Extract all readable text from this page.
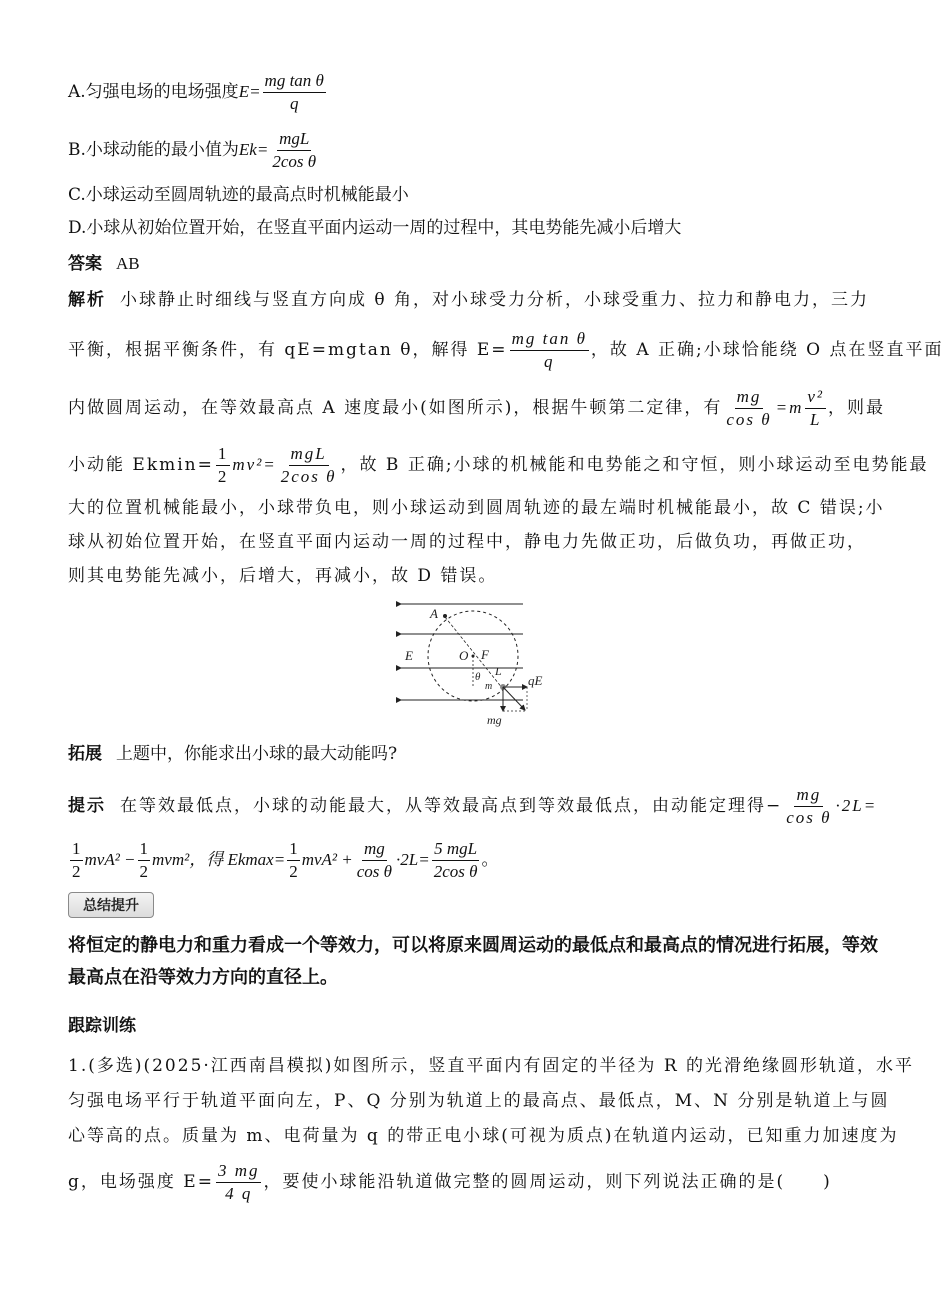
A.匀强电场的电场强度$E= \frac{\text{mg tan θ}}{q}$
B.小球动能的最小值为$Ek= \frac{\text{mgL}}{\text{2cos θ}}$
C.小球运动至圆周轨迹的最高点时机械能最小
D.小球从初始位置开始，在竖直平面内运动一周的过程中，其电势能先减小后增大
答案 AB
解析 小球静止时细线与竖直方向成 θ 角，对小球受力分析，小球受重力、拉力和静电力，三力
平衡，根据平衡条件，有 qE=mgtan θ，解得 $E= \frac{\text{mg tan θ}}{q}$ ，故 A 正确;小球恰能绕 O 点在竖直平面
内做圆周运动，在等效最高点 A 速度最小(如图所示)，根据牛顿第二定律，有 $\frac{mg}{\text{cos θ}} =m \frac{\text{v²}}{L}$ ，则最
小动能 $Ekmin= \frac{1}{2} mv^2= \frac{\text{mgL}}{\text{2cos θ}}$ ，故 B 正确;小球的机械能和电势能之和守恒，则小球运动至电势能最
大的位置机械能最小，小球带负电，则小球运动到圆周轨迹的最左端时机械能最小，故 C 错误;小
球从初始位置开始，在竖直平面内运动一周的过程中，静电力先做正功，后做负功，再做正功，
则其电势能先减小，后增大，再减小，故 D 错误。
A
E	O F
θ L
m	qE
mg
拓展 上题中，你能求出小球的最大动能吗?
提示 在等效最低点，小球的动能最大，从等效最高点到等效最低点，由动能定理得− $\frac{mg}{\text{cos θ}} \cdot 2L=$
$\frac{1}{2} mvA^2 - \frac{1}{2} mvm^2$，得 $Ekmax= \frac{1}{2} mvA^2 + \frac{mg}{\text{cos θ}} \cdot 2L= \frac{\text{5 mgL}}{\text{2cos θ}}$ 。
总结提升
将恒定的静电力和重力看成一个等效力，可以将原来圆周运动的最低点和最高点的情况进行拓展，等效最高点在沿等效力方向的直径上。
跟踪训练
1.(多选)(2025·江西南昌模拟)如图所示，竖直平面内有固定的半径为 R 的光滑绝缘圆形轨道，水平
匀强电场平行于轨道平面向左，P、Q 分别为轨道上的最高点、最低点，M、N 分别是轨道上与圆
心等高的点。质量为 m、电荷量为 q 的带正电小球(可视为质点)在轨道内运动，已知重力加速度为
g，电场强度 $E= \frac{3 mg}{4 q}$ ，要使小球能沿轨道做完整的圆周运动，则下列说法正确的是(　　)
